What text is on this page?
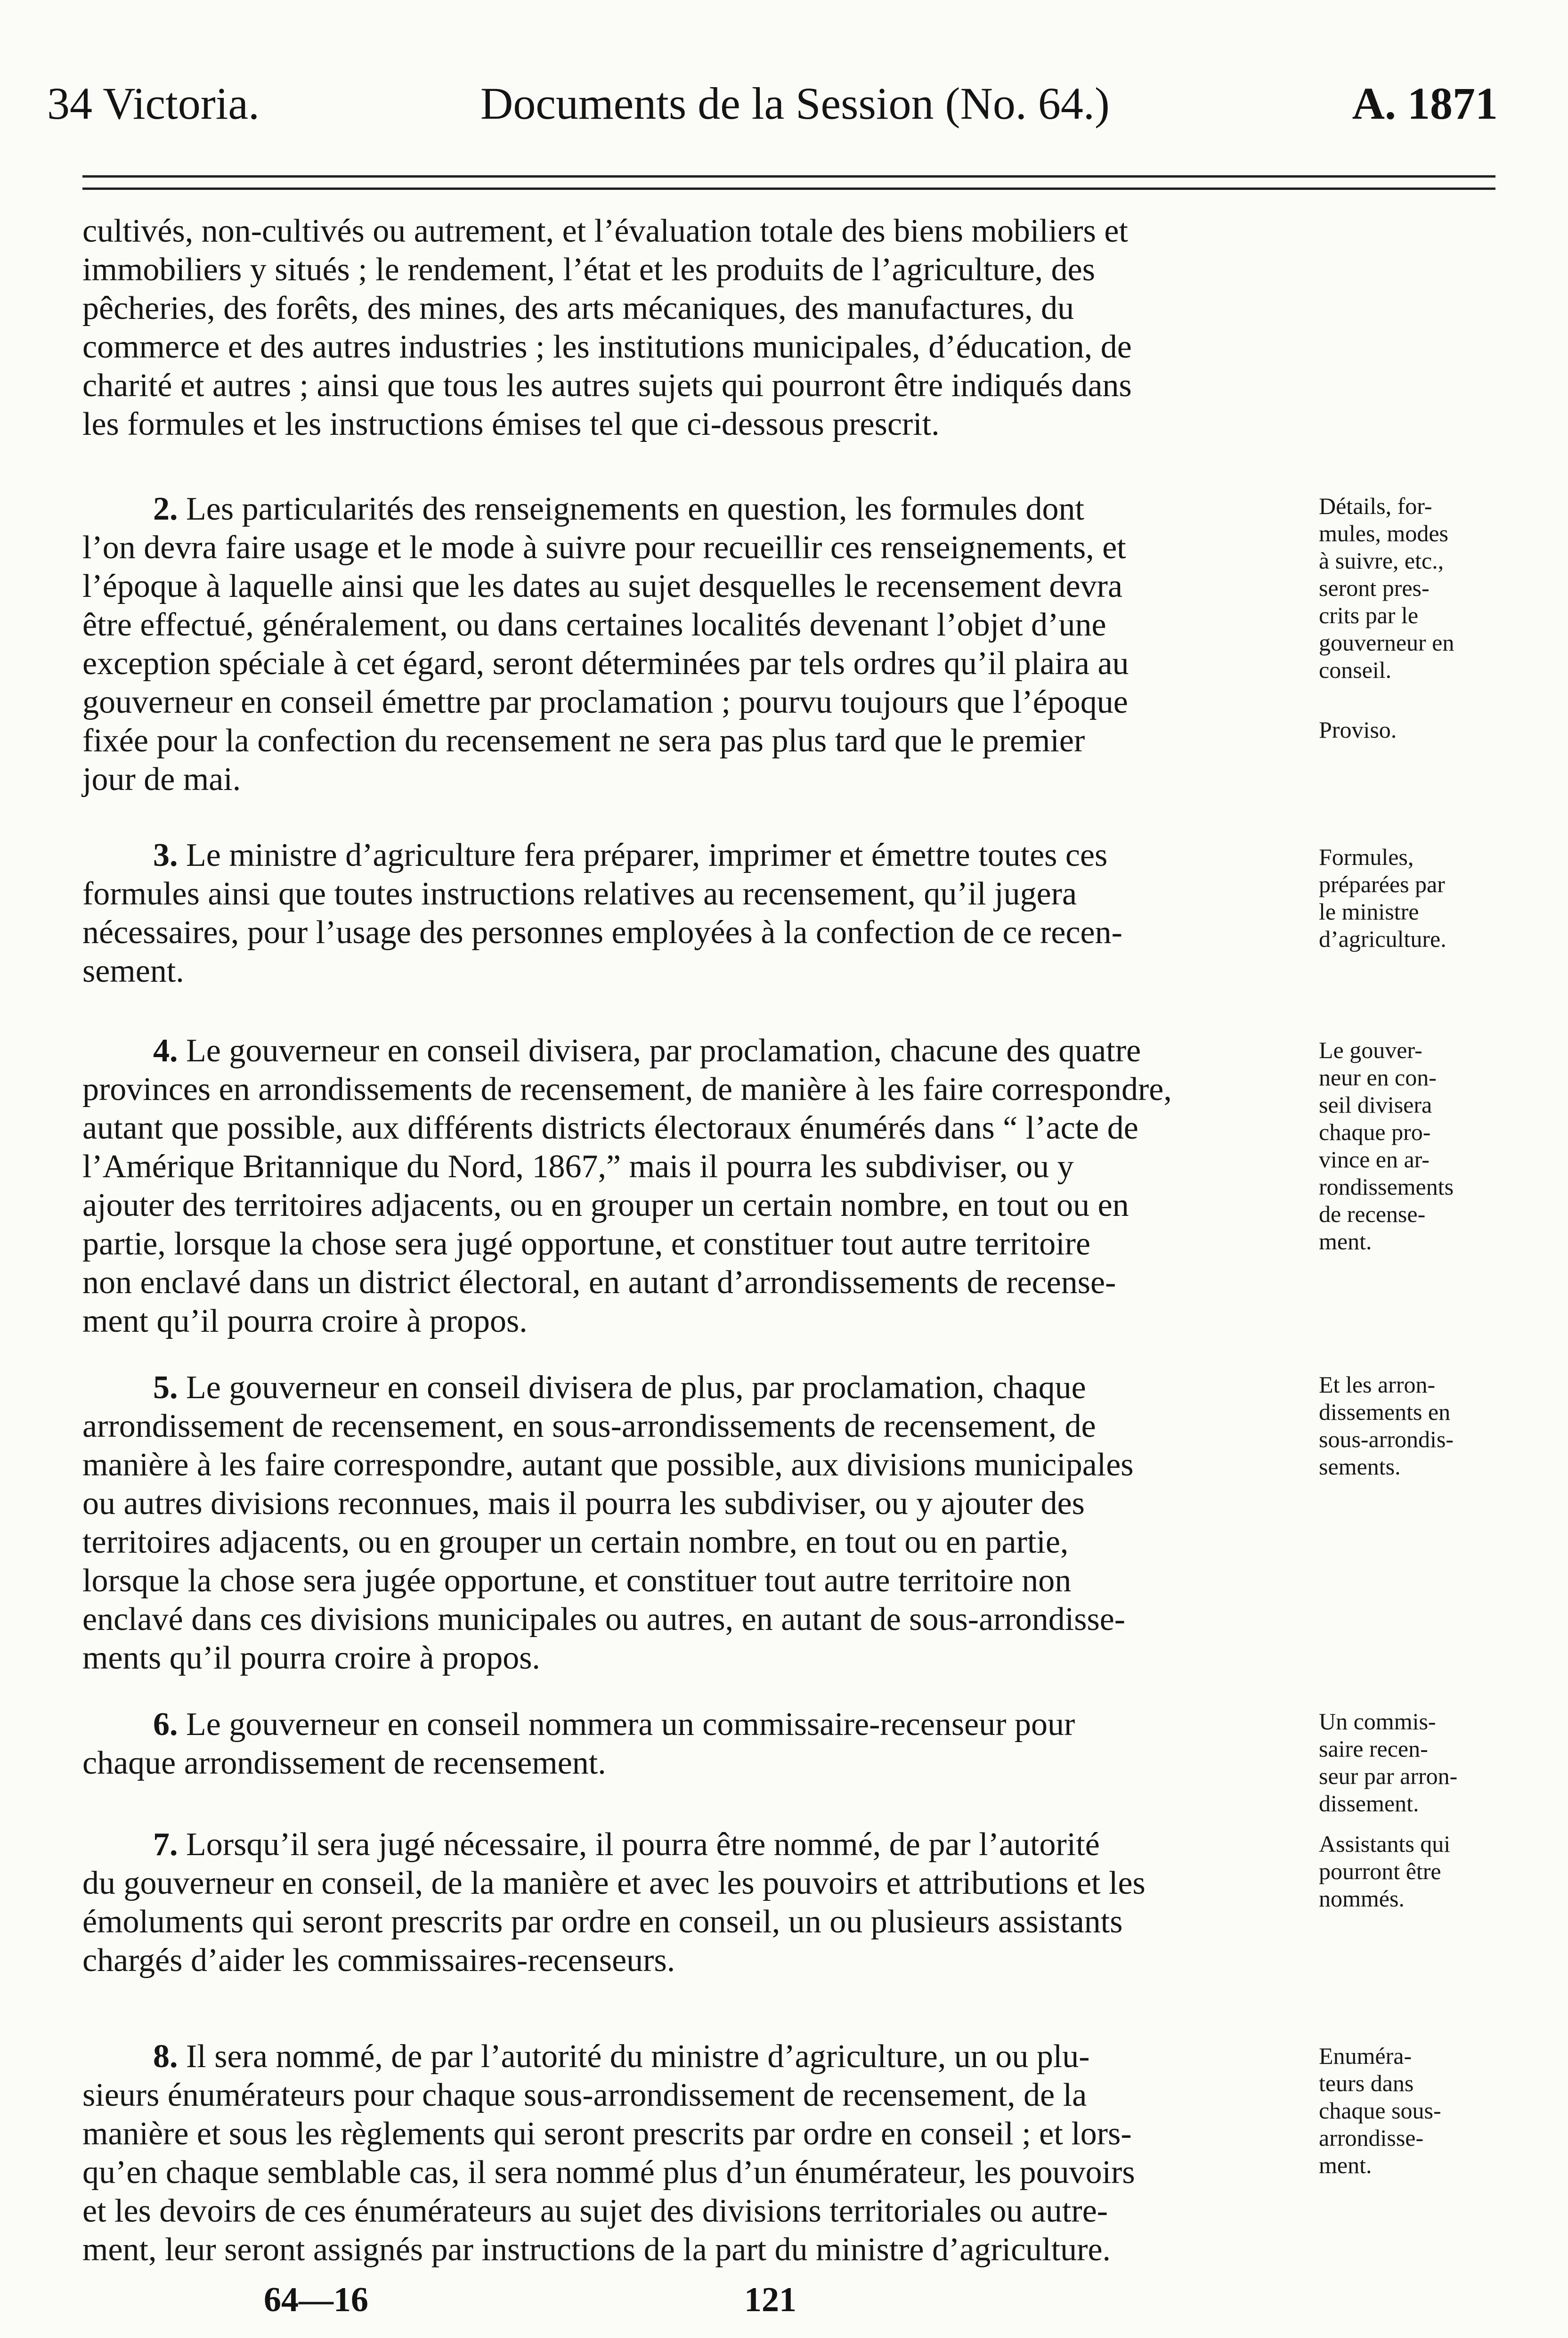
34 Victoria.	Documents de la Session (No. 64.)	A. 1871

cultivés, non-cultivés ou autrement, et l’évaluation totale des biens mobiliers et
immobiliers y situés ; le rendement, l’état et les produits de l’agriculture, des
pêcheries, des forêts, des mines, des arts mécaniques, des manufactures, du
commerce et des autres industries ; les institutions municipales, d’éducation, de
charité et autres ; ainsi que tous les autres sujets qui pourront être indiqués dans
les formules et les instructions émises tel que ci-dessous prescrit.

2. Les particularités des renseignements en question, les formules dont
l’on devra faire usage et le mode à suivre pour recueillir ces renseignements, et
l’époque à laquelle ainsi que les dates au sujet desquelles le recensement devra
être effectué, généralement, ou dans certaines localités devenant l’objet d’une
exception spéciale à cet égard, seront déterminées par tels ordres qu’il plaira au
gouverneur en conseil émettre par proclamation ; pourvu toujours que l’époque
fixée pour la confection du recensement ne sera pas plus tard que le premier
jour de mai.

3. Le ministre d’agriculture fera préparer, imprimer et émettre toutes ces
formules ainsi que toutes instructions relatives au recensement, qu’il jugera
nécessaires, pour l’usage des personnes employées à la confection de ce recen-
sement.

4. Le gouverneur en conseil divisera, par proclamation, chacune des quatre
provinces en arrondissements de recensement, de manière à les faire correspondre,
autant que possible, aux différents districts électoraux énumérés dans “ l’acte de
l’Amérique Britannique du Nord, 1867,” mais il pourra les subdiviser, ou y
ajouter des territoires adjacents, ou en grouper un certain nombre, en tout ou en
partie, lorsque la chose sera jugé opportune, et constituer tout autre territoire
non enclavé dans un district électoral, en autant d’arrondissements de recense-
ment qu’il pourra croire à propos.

5. Le gouverneur en conseil divisera de plus, par proclamation, chaque
arrondissement de recensement, en sous-arrondissements de recensement, de
manière à les faire correspondre, autant que possible, aux divisions municipales
ou autres divisions reconnues, mais il pourra les subdiviser, ou y ajouter des
territoires adjacents, ou en grouper un certain nombre, en tout ou en partie,
lorsque la chose sera jugée opportune, et constituer tout autre territoire non
enclavé dans ces divisions municipales ou autres, en autant de sous-arrondisse-
ments qu’il pourra croire à propos.

6. Le gouverneur en conseil nommera un commissaire-recenseur pour
chaque arrondissement de recensement.

7. Lorsqu’il sera jugé nécessaire, il pourra être nommé, de par l’autorité
du gouverneur en conseil, de la manière et avec les pouvoirs et attributions et les
émoluments qui seront prescrits par ordre en conseil, un ou plusieurs assistants
chargés d’aider les commissaires-recenseurs.

8. Il sera nommé, de par l’autorité du ministre d’agriculture, un ou plu-
sieurs énumérateurs pour chaque sous-arrondissement de recensement, de la
manière et sous les règlements qui seront prescrits par ordre en conseil ; et lors-
qu’en chaque semblable cas, il sera nommé plus d’un énumérateur, les pouvoirs
et les devoirs de ces énumérateurs au sujet des divisions territoriales ou autre-
ment, leur seront assignés par instructions de la part du ministre d’agriculture.

Détails, for-
mules, modes
à suivre, etc.,
seront pres-
crits par le
gouverneur en
conseil.
Proviso.
Formules,
préparées par
le ministre
d’agriculture.
Le gouver-
neur en con-
seil divisera
chaque pro-
vince en ar-
rondissements
de recense-
ment.
Et les arron-
dissements en
sous-arrondis-
sements.
Un commis-
saire recen-
seur par arron-
dissement.
Assistants qui
pourront être
nommés.
Enuméra-
teurs dans
chaque sous-
arrondisse-
ment.
64—16	121
